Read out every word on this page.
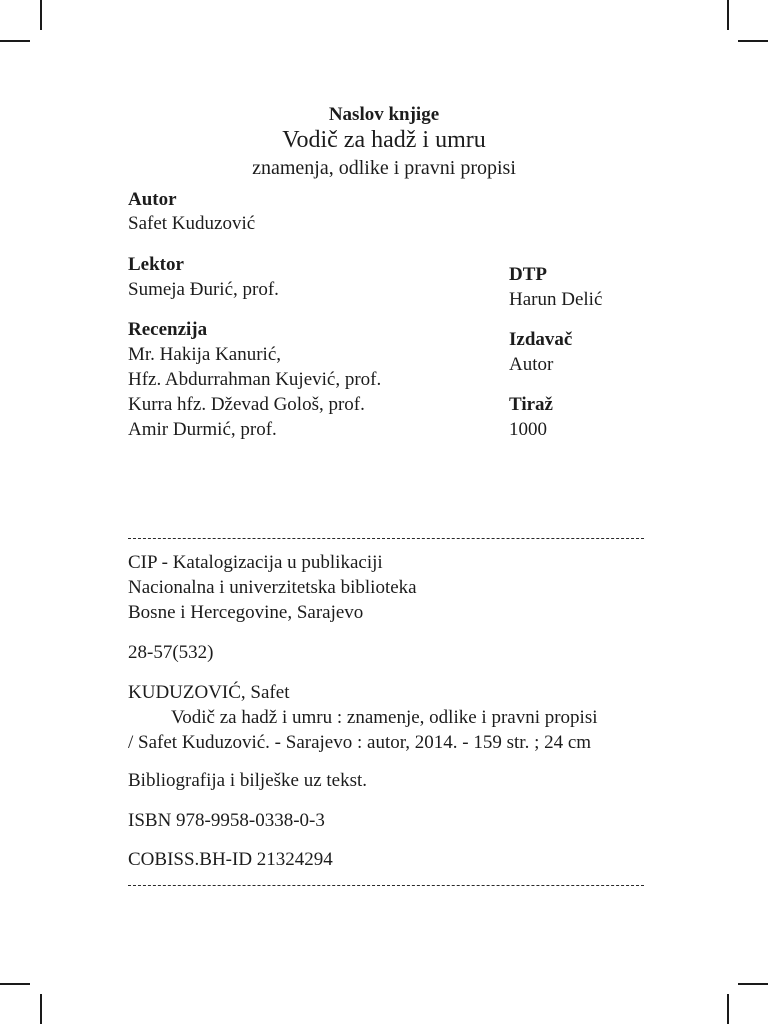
Naslov knjige
Vodič za hadž i umru
znamenja, odlike i pravni propisi
Autor
Safet Kuduzović
Lektor
Sumeja Đurić, prof.
Recenzija
Mr. Hakija Kanurić,
Hfz. Abdurrahman Kujević, prof.
Kurra hfz. Dževad Gološ, prof.
Amir Durmić, prof.
DTP
Harun Delić
Izdavač
Autor
Tiraž
1000
CIP - Katalogizacija u publikaciji
Nacionalna i univerzitetska biblioteka
Bosne i Hercegovine, Sarajevo
28-57(532)
KUDUZOVIĆ, Safet
Vodič za hadž i umru : znamenje, odlike i pravni propisi
/ Safet Kuduzović. - Sarajevo : autor, 2014. - 159 str. ; 24 cm
Bibliografija i bilješke uz tekst.
ISBN 978-9958-0338-0-3
COBISS.BH-ID 21324294
